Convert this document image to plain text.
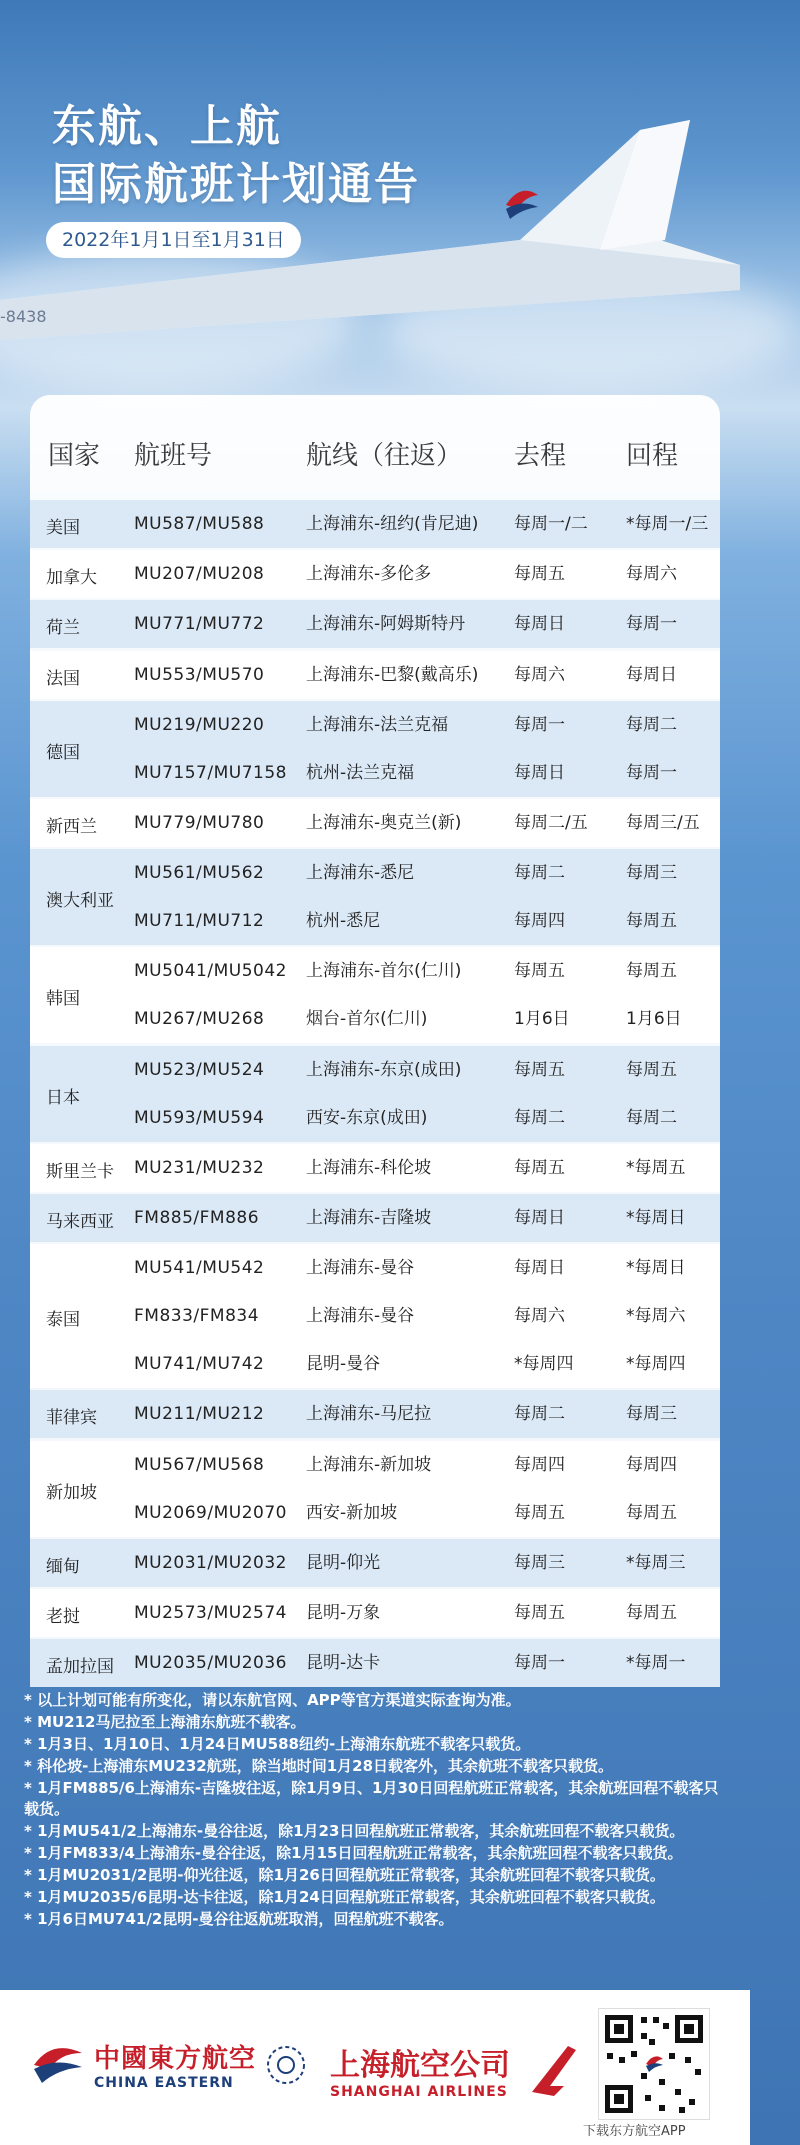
-8438
东航、上航
国际航班计划通告
2022年1月1日至1月31日
国家 航班号	航线（往返） 去程 回程
美国	MU587/MU588 上海浦东-纽约(肯尼迪) 每周一/二 *每周一/三
加拿大 MU207/MU208 上海浦东-多伦多	每周五	每周六
荷兰	MU771/MU772 上海浦东-阿姆斯特丹	每周日	每周一
法国	MU553/MU570 上海浦东-巴黎(戴高乐) 每周六	每周日
德国
MU219/MU220 上海浦东-法兰克福	每周一	每周二
MU7157/MU7158 杭州-法兰克福	每周日	每周一
新西兰 MU779/MU780 上海浦东-奥克兰(新)	每周二/五 每周三/五
澳大利亚
MU561/MU562 上海浦东-悉尼	每周二	每周三
MU711/MU712 杭州-悉尼	每周四	每周五
韩国
MU5041/MU5042 上海浦东-首尔(仁川)	每周五	每周五
MU267/MU268 烟台-首尔(仁川)	1月6日	1月6日
日本
MU523/MU524 上海浦东-东京(成田)	每周五	每周五
MU593/MU594 西安-东京(成田)	每周二	每周二
斯里兰卡 MU231/MU232 上海浦东-科伦坡	每周五	*每周五
马来西亚 FM885/FM886	上海浦东-吉隆坡	每周日	*每周日
泰国
MU541/MU542 上海浦东-曼谷	每周日	*每周日
FM833/FM834	上海浦东-曼谷	每周六	*每周六
MU741/MU742 昆明-曼谷	*每周四	*每周四
菲律宾 MU211/MU212 上海浦东-马尼拉	每周二	每周三
新加坡
MU567/MU568 上海浦东-新加坡	每周四	每周四
MU2069/MU2070 西安-新加坡	每周五	每周五
缅甸	MU2031/MU2032 昆明-仰光	每周三	*每周三
老挝	MU2573/MU2574 昆明-万象	每周五	每周五
孟加拉国 MU2035/MU2036 昆明-达卡	每周一	*每周一
* 以上计划可能有所变化，请以东航官网、APP等官方渠道实际查询为准。
* MU212马尼拉至上海浦东航班不载客。
* 1月3日、1月10日、1月24日MU588纽约-上海浦东航班不载客只载货。
* 科伦坡-上海浦东MU232航班，除当地时间1月28日载客外，其余航班不载客只载货。
* 1月FM885/6上海浦东-吉隆坡往返，除1月9日、1月30日回程航班正常载客，其余航班回程不载客只载货。
* 1月MU541/2上海浦东-曼谷往返，除1月23日回程航班正常载客，其余航班回程不载客只载货。
* 1月FM833/4上海浦东-曼谷往返，除1月15日回程航班正常载客，其余航班回程不载客只载货。
* 1月MU2031/2昆明-仰光往返，除1月26日回程航班正常载客，其余航班回程不载客只载货。
* 1月MU2035/6昆明-达卡往返，除1月24日回程航班正常载客，其余航班回程不载客只载货。
* 1月6日MU741/2昆明-曼谷往返航班取消，回程航班不载客。
中國東方航空
CHINA EASTERN	上海航空公司
SHANGHAI AIRLINES
下载东方航空APP
